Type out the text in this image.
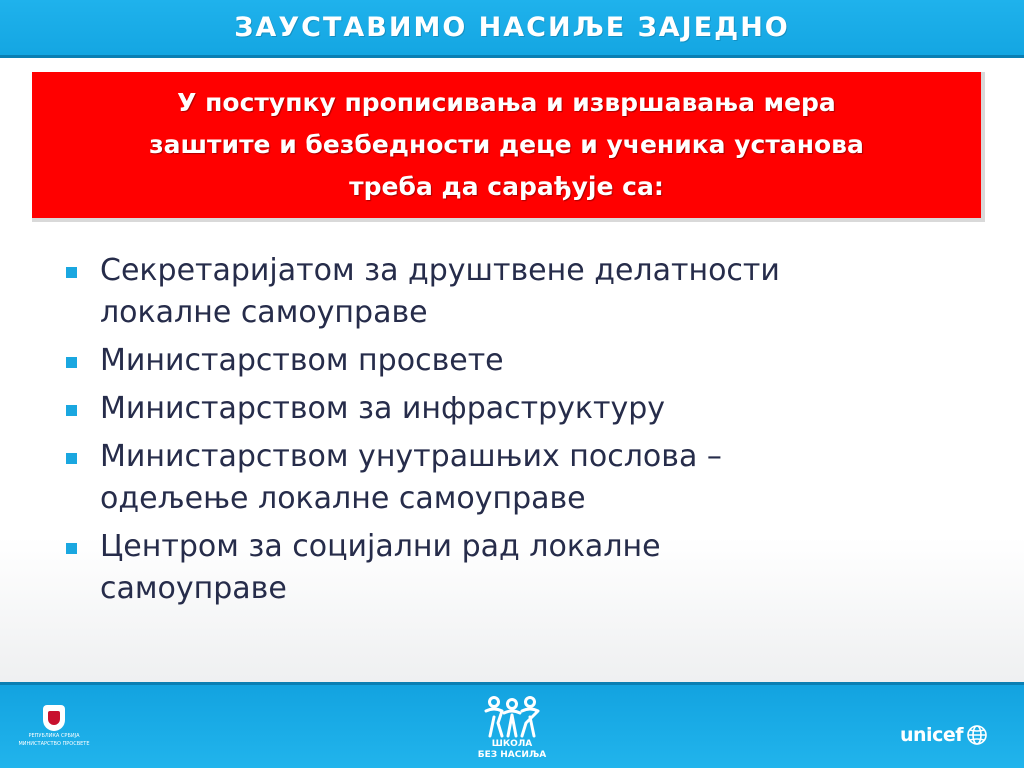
ЗАУСТАВИМО НАСИЉЕ ЗАЈЕДНО
У поступку прописивања и извршавања мера
заштите и безбедности деце и ученика установа
треба да сарађује са:
Секретаријатом за друштвене делатности
локалне самоуправе
Министарством просвете
Министарством за инфраструктуру
Министарством унутрашњих послова –
одељење локалне самоуправе
Центром за социјални рад локалне
самоуправе
РЕПУБЛИКА СРБИЈА
МИНИСТАРСТВО ПРОСВЕТЕ	ШКОЛА
БЕЗ НАСИЉА
unicef
